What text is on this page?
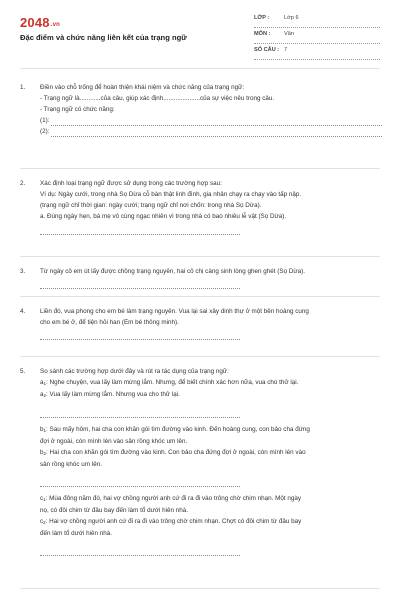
2048.vn
Đặc điểm và chức năng liên kết của trạng ngữ
LỚP :	Lớp 6
MÔN : Văn
SỐ CÂU : 7
1. Điền vào chỗ trống để hoàn thiện khái niệm và chức năng của trạng ngữ:

- Trạng ngữ là............của câu, giúp xác định.....................của sự việc nêu trong câu.

- Trạng ngữ có chức năng:

(1):
(2):
2. Xác định loại trạng ngữ được sử dụng trong các trường hợp sau:

Ví dụ: Ngày cưới, trong nhà Sọ Dừa cỗ bàn thật linh đình, gia nhân chạy ra chạy vào tấp nập.

(trạng ngữ chỉ thời gian: ngày cưới; trạng ngữ chỉ nơi chốn: trong nhà Sọ Dừa).

a. Đúng ngày hẹn, bà mẹ vô cùng ngạc nhiên vì trong nhà có bao nhiêu lễ vật (Sọ Dừa).

3. Từ ngày cô em út lấy được chồng trạng nguyên, hai cô chị càng sinh lòng ghen ghét (Sọ Dừa).

4. Liền đó, vua phong cho em bé làm trạng nguyên. Vua lại sai xây dinh thự ở một bên hoàng cung

cho em bé ở, để tiện hỏi han (Em bé thông minh).

5. So sánh các trường hợp dưới đây và rút ra tác dụng của trạng ngữ:

$a_1$: Nghe chuyện, vua lấy làm mừng lắm. Nhưng, để biết chính xác hơn nữa, vua cho thử lại.

$a_2$: Vua lấy làm mừng lắm. Nhưng vua cho thử lại.

$b_1$: Sau mấy hôm, hai cha con khăn gói tìm đường vào kinh. Đến hoàng cung, con bảo cha đứng

đợi ở ngoài, còn mình lén vào sân rồng khóc um lên.

$b_2$: Hai cha con khăn gói tìm đường vào kinh. Con bảo cha đứng đợi ở ngoài, còn mình lén vào

sân rồng khóc um lên.

$c_1$: Mùa đông năm đó, hai vợ chồng người anh cứ đi ra đi vào trông chờ chim nhạn. Một ngày

nọ, có đôi chim từ đâu bay đến làm tổ dưới hiên nhà.

$c_2$: Hai vợ chồng người anh cứ đi ra đi vào trông chờ chim nhạn. Chợt có đôi chim từ đâu bay

đến làm tổ dưới hiên nhà.
